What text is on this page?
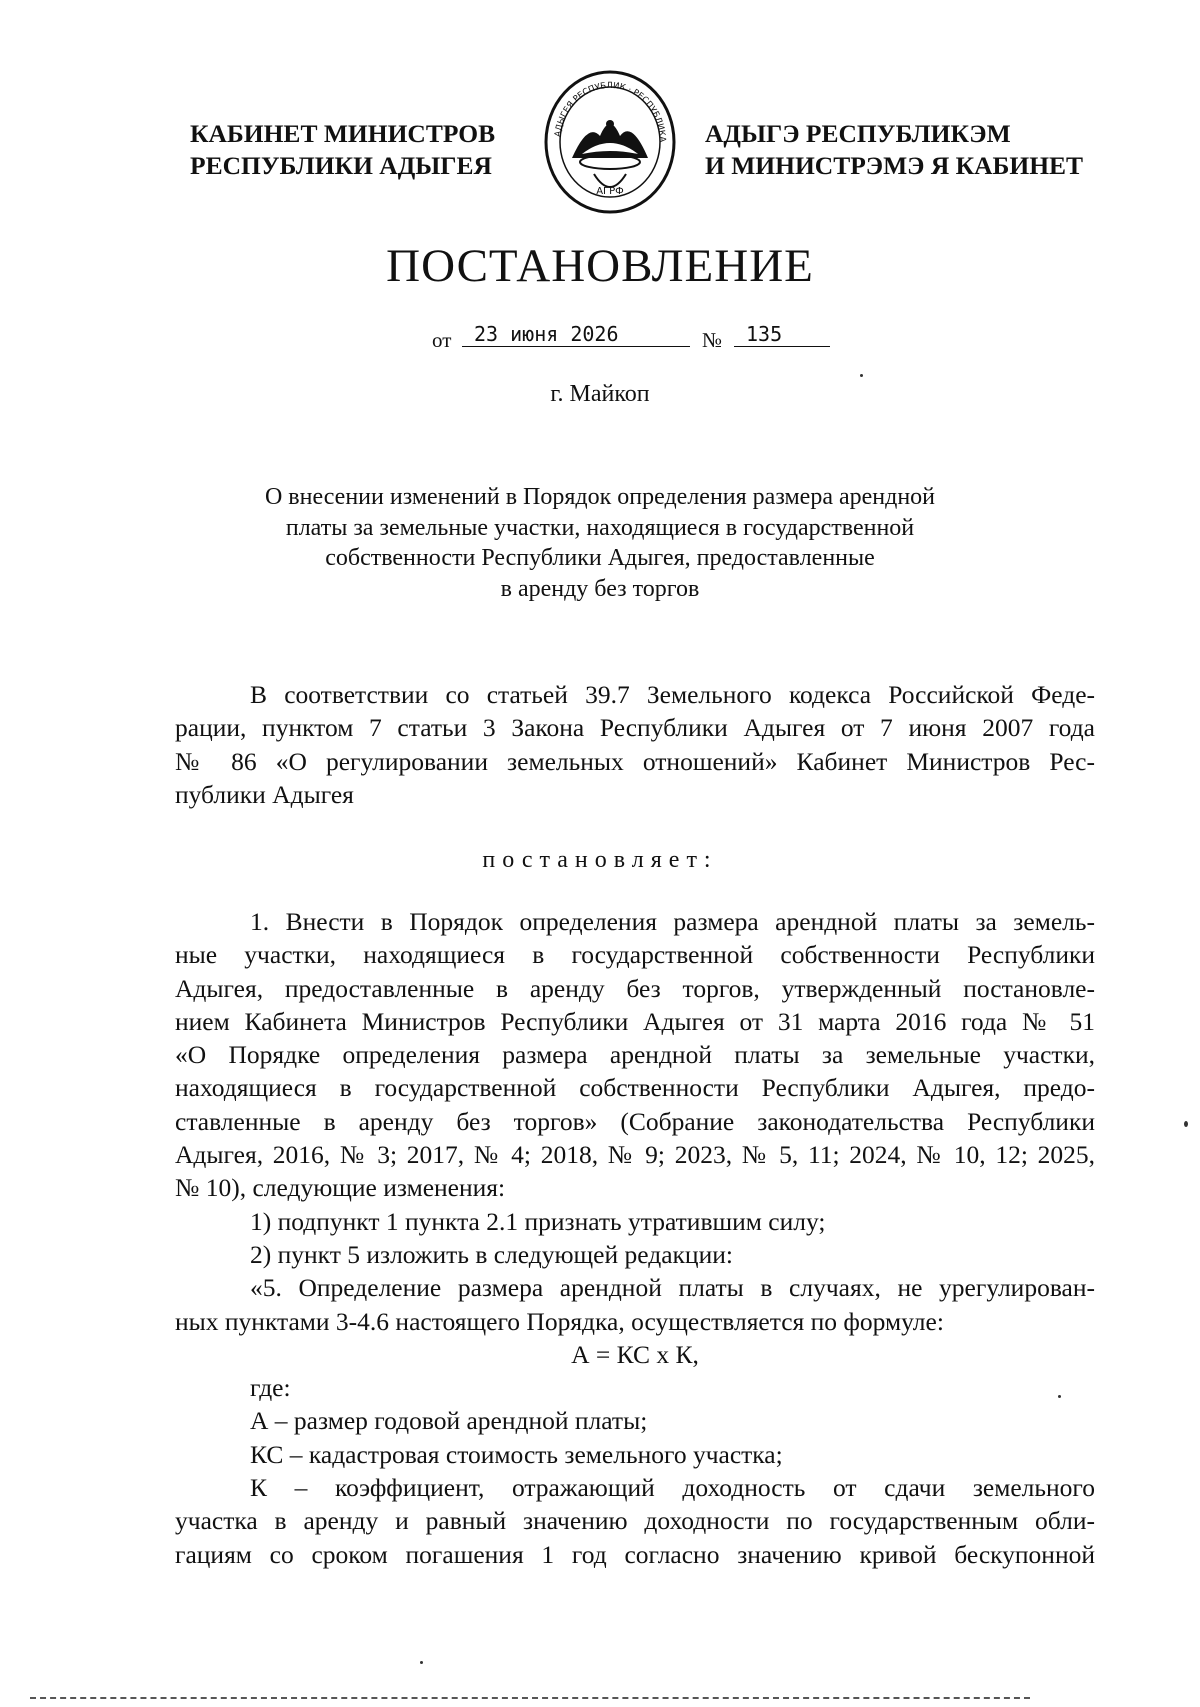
КАБИНЕТ МИНИСТРОВ
РЕСПУБЛИКИ АДЫГЕЯ
АДЫГЕЯ РЕСПУБЛИК · РЕСПУБЛИКА
АГРФ
АДЫГЭ РЕСПУБЛИКЭМ
И МИНИСТРЭМЭ Я КАБИНЕТ
ПОСТАНОВЛЕНИЕ
от	23 июня 2026	№	135
г. Майкоп
О внесении изменений в Порядок определения размера арендной
платы за земельные участки, находящиеся в государственной
собственности Республики Адыгея, предоставленные
в аренду без торгов
В соответствии со статьей 39.7 Земельного кодекса Российской Феде-
рации, пунктом 7 статьи 3 Закона Республики Адыгея от 7 июня 2007 года
№ 86 «О регулировании земельных отношений» Кабинет Министров Рес-
публики Адыгея
постановляет:
1. Внести в Порядок определения размера арендной платы за земель-
ные участки, находящиеся в государственной собственности Республики
Адыгея, предоставленные в аренду без торгов, утвержденный постановле-
нием Кабинета Министров Республики Адыгея от 31 марта 2016 года № 51
«О Порядке определения размера арендной платы за земельные участки,
находящиеся в государственной собственности Республики Адыгея, предо-
ставленные в аренду без торгов» (Собрание законодательства Республики
Адыгея, 2016, № 3; 2017, № 4; 2018, № 9; 2023, № 5, 11; 2024, № 10, 12; 2025,
№ 10), следующие изменения:
1) подпункт 1 пункта 2.1 признать утратившим силу;
2) пункт 5 изложить в следующей редакции:
«5. Определение размера арендной платы в случаях, не урегулирован-
ных пунктами 3-4.6 настоящего Порядка, осуществляется по формуле:
А = КС x К,
где:
А – размер годовой арендной платы;
КС – кадастровая стоимость земельного участка;
К – коэффициент, отражающий доходность от сдачи земельного
участка в аренду и равный значению доходности по государственным обли-
гациям со сроком погашения 1 год согласно значению кривой бескупонной
